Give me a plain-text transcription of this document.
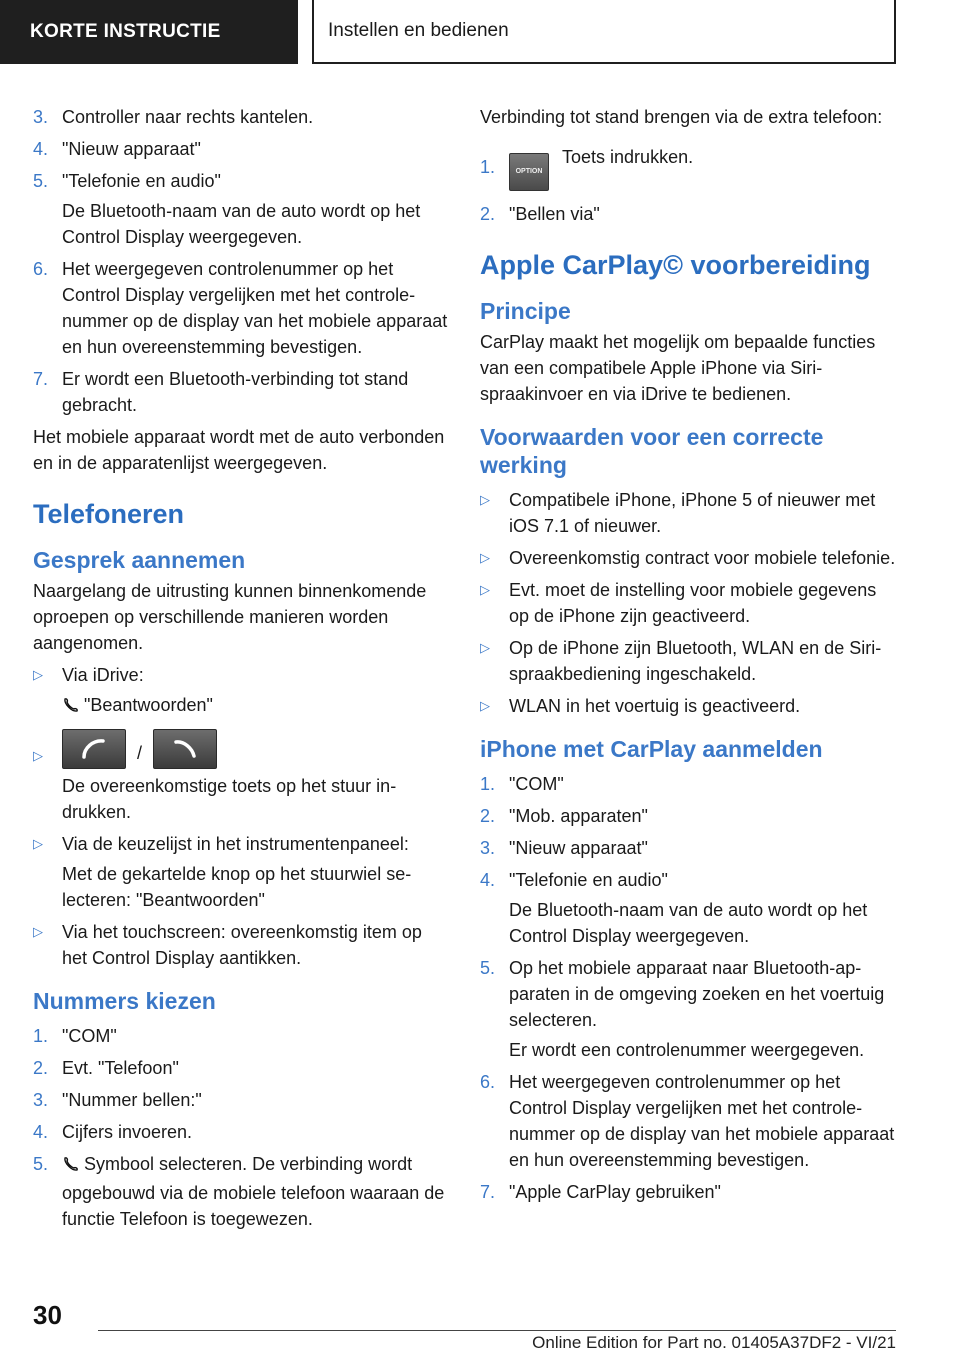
KORTE INSTRUCTIE	Instellen en bedienen
3. Controller naar rechts kantelen.
4. "Nieuw apparaat"
5. "Telefonie en audio"
De Bluetooth-naam van de auto wordt op het Control Display weergegeven.
6. Het weergegeven controlenummer op het Control Display vergelijken met het controlenummer op de display van het mobiele apparaat en hun overeenstemming bevestigen.
7. Er wordt een Bluetooth-verbinding tot stand gebracht.

Het mobiele apparaat wordt met de auto verbonden en in de apparatenlijst weergegeven.

Telefoneren
Gesprek aannemen

Naargelang de uitrusting kunnen binnenkomende oproepen op verschillende manieren worden aangenomen.

▷ Via iDrive:
"Beantwoorden"
▷	/
De overeenkomstige toets op het stuur indrukken.
▷ Via de keuzelijst in het instrumentenpaneel:
Met de gekartelde knop op het stuurwiel selecteren: "Beantwoorden"
▷ Via het touchscreen: overeenkomstig item op het Control Display aantikken.
Nummers kiezen
1. "COM"
2. Evt. "Telefoon"
3. "Nummer bellen:"
4. Cijfers invoeren.
5. Symbool selecteren. De verbinding wordt opgebouwd via de mobiele telefoon waaraan de functie Telefoon is toegewezen.

Verbinding tot stand brengen via de extra telefoon:

1.	OPTION Toets indrukken.
2. "Bellen via"
Apple CarPlay© voorbereiding
Principe

CarPlay maakt het mogelijk om bepaalde functies van een compatibele Apple iPhone via Siri-spraakinvoer en via iDrive te bedienen.

Voorwaarden voor een correcte werking
▷ Compatibele iPhone, iPhone 5 of nieuwer met iOS 7.1 of nieuwer.
▷ Overeenkomstig contract voor mobiele telefonie.
▷ Evt. moet de instelling voor mobiele gegevens op de iPhone zijn geactiveerd.
▷ Op de iPhone zijn Bluetooth, WLAN en de Siri-spraakbediening ingeschakeld.
▷ WLAN in het voertuig is geactiveerd.
iPhone met CarPlay aanmelden
1. "COM"
2. "Mob. apparaten"
3. "Nieuw apparaat"
4. "Telefonie en audio"
De Bluetooth-naam van de auto wordt op het Control Display weergegeven.
5. Op het mobiele apparaat naar Bluetooth-apparaten in de omgeving zoeken en het voertuig selecteren.
Er wordt een controlenummer weergegeven.
6. Het weergegeven controlenummer op het Control Display vergelijken met het controlenummer op de display van het mobiele apparaat en hun overeenstemming bevestigen.
7. "Apple CarPlay gebruiken"
30
Online Edition for Part no. 01405A37DF2 - VI/21
